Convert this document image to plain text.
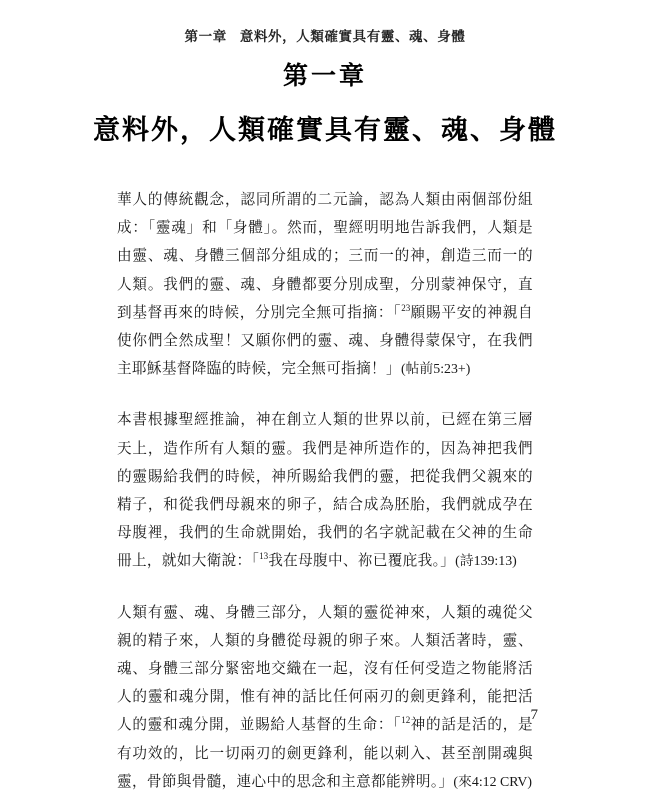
第一章 意料外，人類確實具有靈、魂、身體
第一章
意料外，人類確實具有靈、魂、身體

華人的傳統觀念，認同所謂的二元論，認為人類由兩個部份組成：「靈魂」和「身體」。然而，聖經明明地告訴我們，人類是由靈、魂、身體三個部分組成的；三而一的神，創造三而一的人類。我們的靈、魂、身體都要分別成聖，分別蒙神保守，直到基督再來的時候，分別完全無可指摘：「$^{23}$願賜平安的神親自使你們全然成聖！又願你們的靈、魂、身體得蒙保守，在我們主耶穌基督降臨的時候，完全無可指摘！」(帖前5:23+)

本書根據聖經推論，神在創立人類的世界以前，已經在第三層天上，造作所有人類的靈。我們是神所造作的，因為神把我們的靈賜給我們的時候，神所賜給我們的靈，把從我們父親來的精子，和從我們母親來的卵子，結合成為胚胎，我們就成孕在母腹裡，我們的生命就開始，我們的名字就記載在父神的生命冊上，就如大衛說：「$^{13}$我在母腹中、祢已覆庇我。」(詩139:13)

人類有靈、魂、身體三部分，人類的靈從神來，人類的魂從父親的精子來，人類的身體從母親的卵子來。人類活著時，靈、魂、身體三部分緊密地交織在一起，沒有任何受造之物能將活人的靈和魂分開，惟有神的話比任何兩刃的劍更鋒利，能把活人的靈和魂分開，並賜給人基督的生命：「$^{12}$神的話是活的，是有功效的，比一切兩刃的劍更鋒利，能以刺入、甚至剖開魂與靈，骨節與骨髓，連心中的思念和主意都能辨明。」(來4:12 CRV)

7
